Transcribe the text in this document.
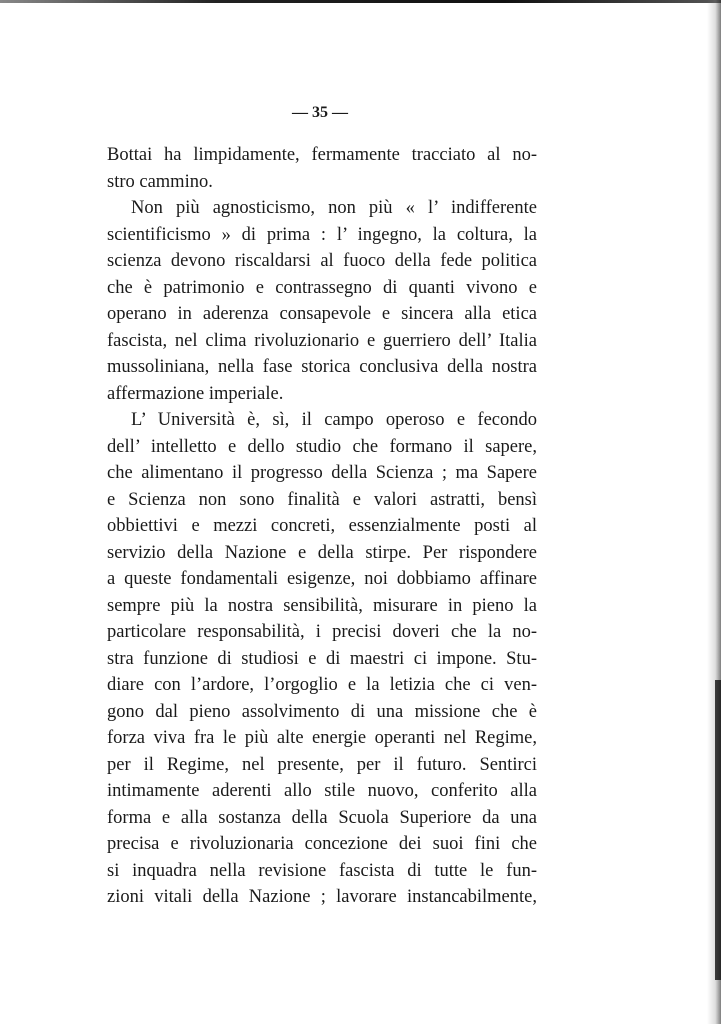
— 35 —
Bottai ha limpidamente, fermamente tracciato al no-
stro cammino.
Non più agnosticismo, non più « l’ indifferente
scientificismo » di prima : l’ ingegno, la coltura, la
scienza devono riscaldarsi al fuoco della fede politica
che è patrimonio e contrassegno di quanti vivono e
operano in aderenza consapevole e sincera alla etica
fascista, nel clima rivoluzionario e guerriero dell’ Italia
mussoliniana, nella fase storica conclusiva della nostra
affermazione imperiale.
L’ Università è, sì, il campo operoso e fecondo
dell’ intelletto e dello studio che formano il sapere,
che alimentano il progresso della Scienza ; ma Sapere
e Scienza non sono finalità e valori astratti, bensì
obbiettivi e mezzi concreti, essenzialmente posti al
servizio della Nazione e della stirpe. Per rispondere
a queste fondamentali esigenze, noi dobbiamo affinare
sempre più la nostra sensibilità, misurare in pieno la
particolare responsabilità, i precisi doveri che la no-
stra funzione di studiosi e di maestri ci impone. Stu-
diare con l’ardore, l’orgoglio e la letizia che ci ven-
gono dal pieno assolvimento di una missione che è
forza viva fra le più alte energie operanti nel Regime,
per il Regime, nel presente, per il futuro. Sentirci
intimamente aderenti allo stile nuovo, conferito alla
forma e alla sostanza della Scuola Superiore da una
precisa e rivoluzionaria concezione dei suoi fini che
si inquadra nella revisione fascista di tutte le fun-
zioni vitali della Nazione ; lavorare instancabilmente,
